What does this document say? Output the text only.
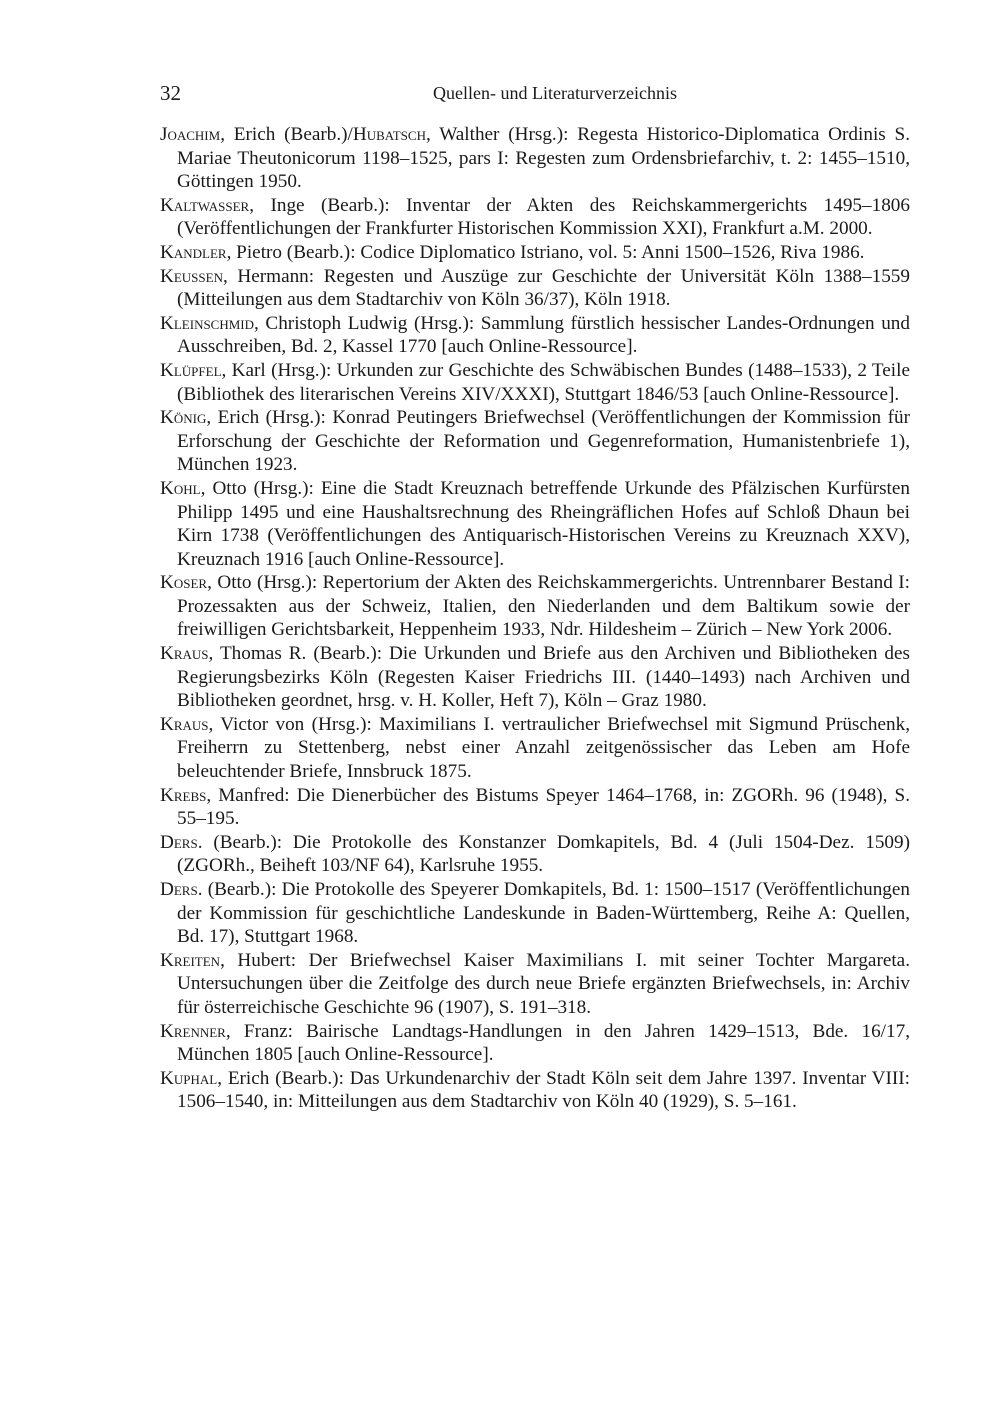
32	Quellen- und Literaturverzeichnis
Joachim, Erich (Bearb.)/Hubatsch, Walther (Hrsg.): Regesta Historico-Diplomatica Ordinis S. Mariae Theutonicorum 1198–1525, pars I: Regesten zum Ordensbriefarchiv, t. 2: 1455–1510, Göttingen 1950.
Kaltwasser, Inge (Bearb.): Inventar der Akten des Reichskammergerichts 1495–1806 (Veröffentlichungen der Frankfurter Historischen Kommission XXI), Frankfurt a.M. 2000.
Kandler, Pietro (Bearb.): Codice Diplomatico Istriano, vol. 5: Anni 1500–1526, Riva 1986.
Keussen, Hermann: Regesten und Auszüge zur Geschichte der Universität Köln 1388–1559 (Mitteilungen aus dem Stadtarchiv von Köln 36/37), Köln 1918.
Kleinschmid, Christoph Ludwig (Hrsg.): Sammlung fürstlich hessischer Landes-Ordnungen und Ausschreiben, Bd. 2, Kassel 1770 [auch Online-Ressource].
Klüpfel, Karl (Hrsg.): Urkunden zur Geschichte des Schwäbischen Bundes (1488–1533), 2 Teile (Bibliothek des literarischen Vereins XIV/XXXI), Stuttgart 1846/53 [auch Online-Ressource].
König, Erich (Hrsg.): Konrad Peutingers Briefwechsel (Veröffentlichungen der Kommission für Erforschung der Geschichte der Reformation und Gegenreformation, Humanistenbriefe 1), München 1923.
Kohl, Otto (Hrsg.): Eine die Stadt Kreuznach betreffende Urkunde des Pfälzischen Kurfürsten Philipp 1495 und eine Haushaltsrechnung des Rheingräflichen Hofes auf Schloß Dhaun bei Kirn 1738 (Veröffentlichungen des Antiquarisch-Historischen Vereins zu Kreuznach XXV), Kreuznach 1916 [auch Online-Ressource].
Koser, Otto (Hrsg.): Repertorium der Akten des Reichskammergerichts. Untrennbarer Bestand I: Prozessakten aus der Schweiz, Italien, den Niederlanden und dem Baltikum sowie der freiwilligen Gerichtsbarkeit, Heppenheim 1933, Ndr. Hildesheim – Zürich – New York 2006.
Kraus, Thomas R. (Bearb.): Die Urkunden und Briefe aus den Archiven und Bibliotheken des Regierungsbezirks Köln (Regesten Kaiser Friedrichs III. (1440–1493) nach Archiven und Bibliotheken geordnet, hrsg. v. H. Koller, Heft 7), Köln – Graz 1980.
Kraus, Victor von (Hrsg.): Maximilians I. vertraulicher Briefwechsel mit Sigmund Prüschenk, Freiherrn zu Stettenberg, nebst einer Anzahl zeitgenössischer das Leben am Hofe beleuchtender Briefe, Innsbruck 1875.
Krebs, Manfred: Die Dienerbücher des Bistums Speyer 1464–1768, in: ZGORh. 96 (1948), S. 55–195.
Ders. (Bearb.): Die Protokolle des Konstanzer Domkapitels, Bd. 4 (Juli 1504-Dez. 1509) (ZGORh., Beiheft 103/NF 64), Karlsruhe 1955.
Ders. (Bearb.): Die Protokolle des Speyerer Domkapitels, Bd. 1: 1500–1517 (Veröffentlichungen der Kommission für geschichtliche Landeskunde in Baden-Württemberg, Reihe A: Quellen, Bd. 17), Stuttgart 1968.
Kreiten, Hubert: Der Briefwechsel Kaiser Maximilians I. mit seiner Tochter Margareta. Untersuchungen über die Zeitfolge des durch neue Briefe ergänzten Briefwechsels, in: Archiv für österreichische Geschichte 96 (1907), S. 191–318.
Krenner, Franz: Bairische Landtags-Handlungen in den Jahren 1429–1513, Bde. 16/​17, München 1805 [auch Online-Ressource].
Kuphal, Erich (Bearb.): Das Urkundenarchiv der Stadt Köln seit dem Jahre 1397. Inventar VIII: 1506–1540, in: Mitteilungen aus dem Stadtarchiv von Köln 40 (1929), S. 5–161.
